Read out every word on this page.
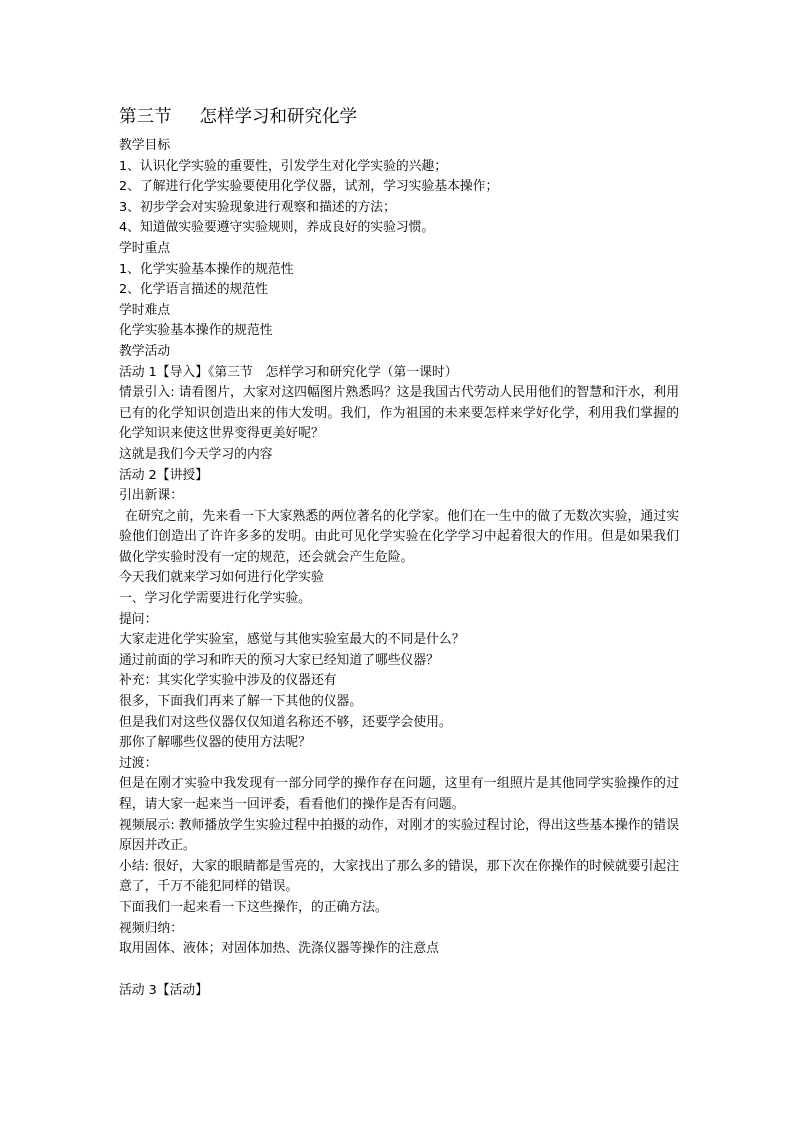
第三节 怎样学习和研究化学
教学目标
1、认识化学实验的重要性，引发学生对化学实验的兴趣；
2、了解进行化学实验要使用化学仪器，试剂，学习实验基本操作；
3、初步学会对实验现象进行观察和描述的方法；
4、知道做实验要遵守实验规则，养成良好的实验习惯。
学时重点
1、化学实验基本操作的规范性
2、化学语言描述的规范性
学时难点
化学实验基本操作的规范性
教学活动
活动 1【导入】《第三节　怎样学习和研究化学（第一课时）
情景引入: 请看图片，大家对这四幅图片熟悉吗？这是我国古代劳动人民用他们的智慧和汗水，利用已有的化学知识创造出来的伟大发明。我们，作为祖国的未来要怎样来学好化学，利用我们掌握的化学知识来使这世界变得更美好呢？
这就是我们今天学习的内容
活动 2【讲授】
引出新课：
在研究之前，先来看一下大家熟悉的两位著名的化学家。他们在一生中的做了无数次实验，通过实验他们创造出了许许多多的发明。由此可见化学实验在化学学习中起着很大的作用。但是如果我们做化学实验时没有一定的规范，还会就会产生危险。
今天我们就来学习如何进行化学实验
一、学习化学需要进行化学实验。
提问：
大家走进化学实验室，感觉与其他实验室最大的不同是什么？
通过前面的学习和昨天的预习大家已经知道了哪些仪器？
补充：其实化学实验中涉及的仪器还有
很多，下面我们再来了解一下其他的仪器。
但是我们对这些仪器仅仅知道名称还不够，还要学会使用。
那你了解哪些仪器的使用方法呢？
过渡：
但是在刚才实验中我发现有一部分同学的操作存在问题，这里有一组照片是其他同学实验操作的过程，请大家一起来当一回评委，看看他们的操作是否有问题。
视频展示: 教师播放学生实验过程中拍摄的动作，对刚才的实验过程讨论，得出这些基本操作的错误原因并改正。
小结: 很好，大家的眼睛都是雪亮的，大家找出了那么多的错误，那下次在你操作的时候就要引起注意了，千万不能犯同样的错误。
下面我们一起来看一下这些操作，的正确方法。
视频归纳：
取用固体、液体；对固体加热、洗涤仪器等操作的注意点
活动 3【活动】
